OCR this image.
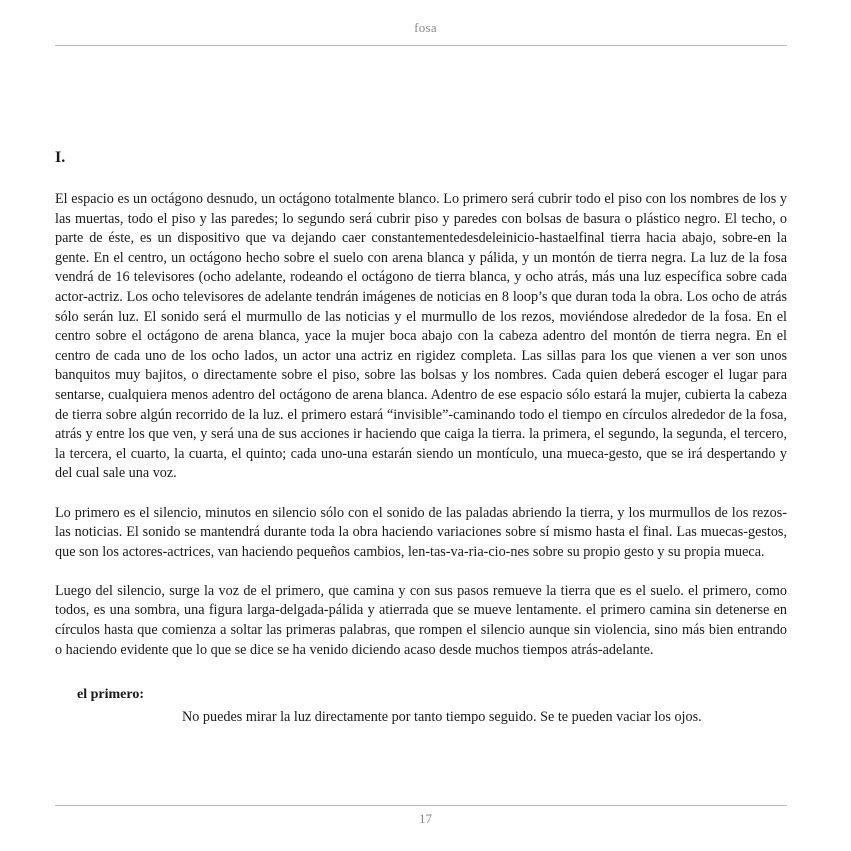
fosa
I.

El espacio es un octágono desnudo, un octágono totalmente blanco. Lo primero será cubrir todo el piso con los nombres de los y las muertas, todo el piso y las paredes; lo segundo será cubrir piso y paredes con bolsas de basura o plástico negro. El techo, o parte de éste, es un dispositivo que va dejando caer constantementedesdeleinicio-hastaelfinal tierra hacia abajo, sobre-en la gente. En el centro, un octágono hecho sobre el suelo con arena blanca y pálida, y un montón de tierra negra. La luz de la fosa vendrá de 16 televisores (ocho adelante, rodeando el octágono de tierra blanca, y ocho atrás, más una luz específica sobre cada actor-actriz. Los ocho televisores de adelante tendrán imágenes de noticias en 8 loop’s que duran toda la obra. Los ocho de atrás sólo serán luz. El sonido será el murmullo de las noticias y el murmullo de los rezos, moviéndose alrededor de la fosa. En el centro sobre el octágono de arena blanca, yace la mujer boca abajo con la cabeza adentro del montón de tierra negra. En el centro de cada uno de los ocho lados, un actor una actriz en rigidez completa. Las sillas para los que vienen a ver son unos banquitos muy bajitos, o directamente sobre el piso, sobre las bolsas y los nombres. Cada quien deberá escoger el lugar para sentarse, cualquiera menos adentro del octágono de arena blanca. Adentro de ese espacio sólo estará la mujer, cubierta la cabeza de tierra sobre algún recorrido de la luz. el primero estará “invisible”-caminando todo el tiempo en círculos alrededor de la fosa, atrás y entre los que ven, y será una de sus acciones ir haciendo que caiga la tierra. la primera, el segundo, la segunda, el tercero, la tercera, el cuarto, la cuarta, el quinto; cada uno-una estarán siendo un montículo, una mueca-gesto, que se irá despertando y del cual sale una voz.

Lo primero es el silencio, minutos en silencio sólo con el sonido de las paladas abriendo la tierra, y los murmullos de los rezos-las noticias. El sonido se mantendrá durante toda la obra haciendo variaciones sobre sí mismo hasta el final. Las muecas-gestos, que son los actores-actrices, van haciendo pequeños cambios, len-tas-va-ria-cio-nes sobre su propio gesto y su propia mueca.

Luego del silencio, surge la voz de el primero, que camina y con sus pasos remueve la tierra que es el suelo. el primero, como todos, es una sombra, una figura larga-delgada-pálida y atierrada que se mueve lentamente. el primero camina sin detenerse en círculos hasta que comienza a soltar las primeras palabras, que rompen el silencio aunque sin violencia, sino más bien entrando o haciendo evidente que lo que se dice se ha venido diciendo acaso desde muchos tiempos atrás-adelante.

el primero:
No puedes mirar la luz directamente por tanto tiempo seguido. Se te pueden vaciar los ojos.
17
